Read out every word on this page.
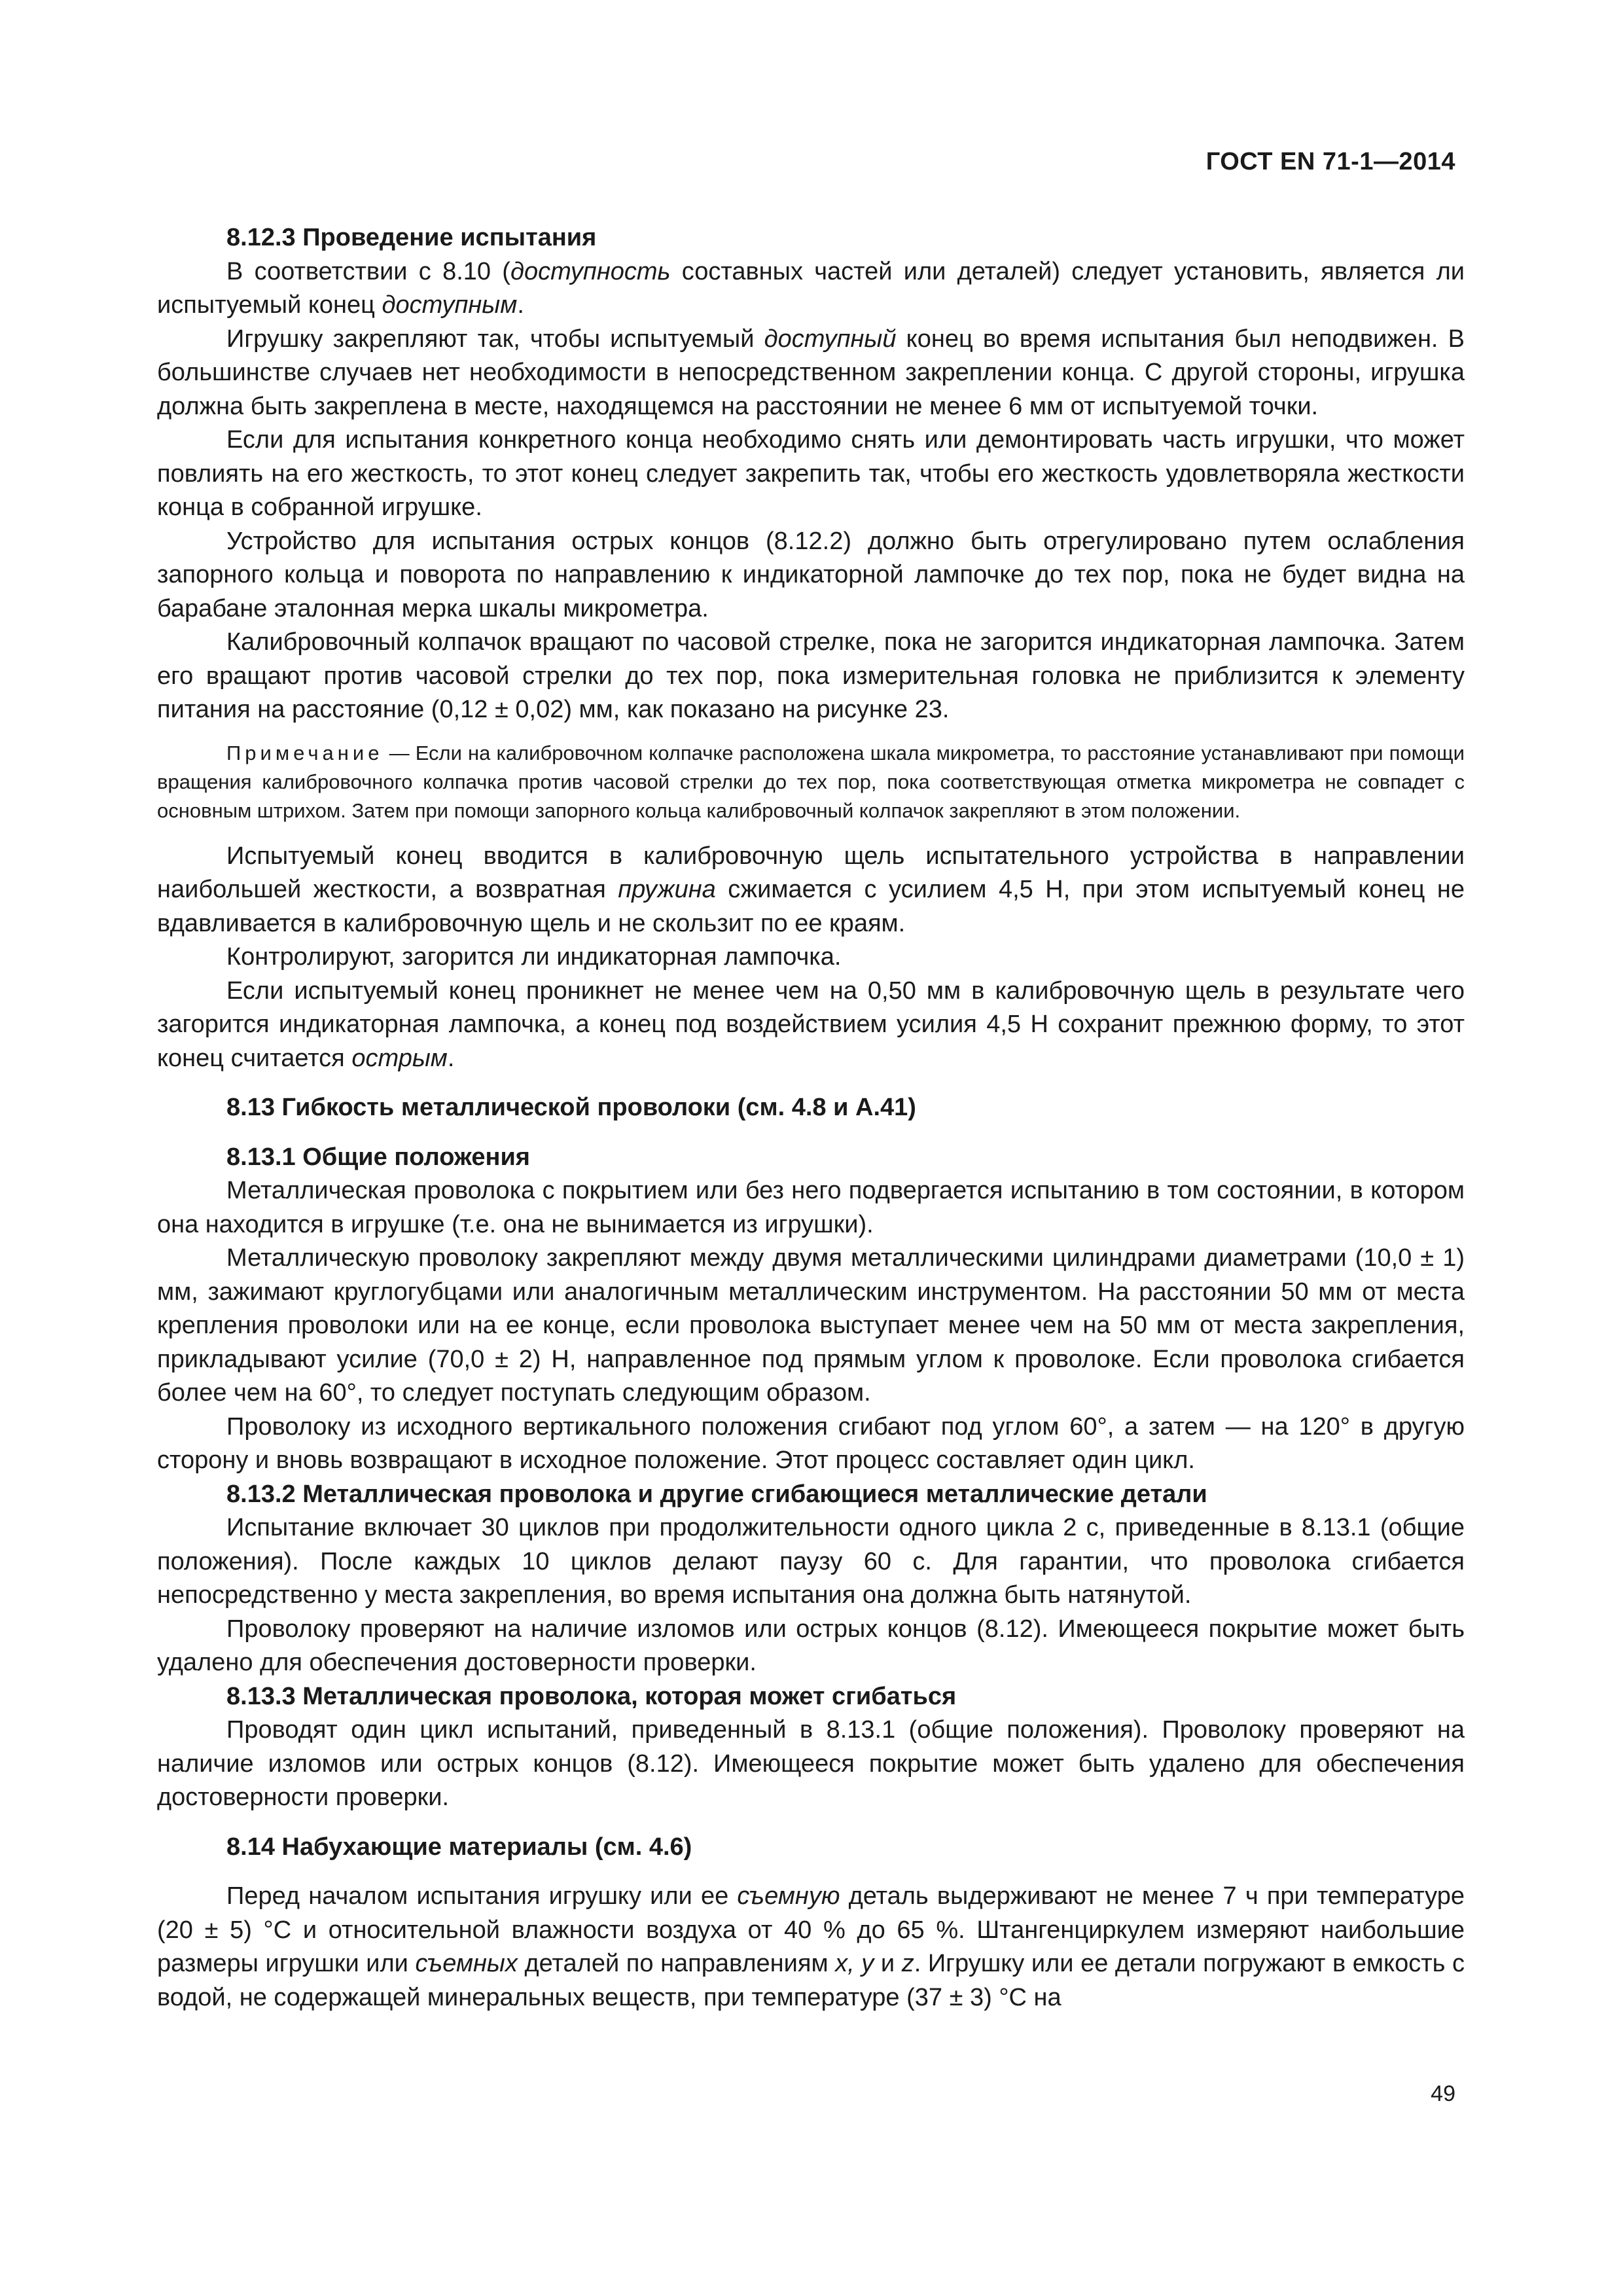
ГОСТ EN 71-1—2014
8.12.3 Проведение испытания

В соответствии с 8.10 (доступность составных частей или деталей) следует установить, является ли испытуемый конец доступным.

Игрушку закрепляют так, чтобы испытуемый доступный конец во время испытания был неподвижен. В большинстве случаев нет необходимости в непосредственном закреплении конца. С другой стороны, игрушка должна быть закреплена в месте, находящемся на расстоянии не менее 6 мм от испытуемой точки.

Если для испытания конкретного конца необходимо снять или демонтировать часть игрушки, что может повлиять на его жесткость, то этот конец следует закрепить так, чтобы его жесткость удовлетворяла жесткости конца в собранной игрушке.

Устройство для испытания острых концов (8.12.2) должно быть отрегулировано путем ослабления запорного кольца и поворота по направлению к индикаторной лампочке до тех пор, пока не будет видна на барабане эталонная мерка шкалы микрометра.

Калибровочный колпачок вращают по часовой стрелке, пока не загорится индикаторная лампочка. Затем его вращают против часовой стрелки до тех пор, пока измерительная головка не приблизится к элементу питания на расстояние (0,12 ± 0,02) мм, как показано на рисунке 23.

Примечание — Если на калибровочном колпачке расположена шкала микрометра, то расстояние устанавливают при помощи вращения калибровочного колпачка против часовой стрелки до тех пор, пока соответствующая отметка микрометра не совпадет с основным штрихом. Затем при помощи запорного кольца калибровочный колпачок закрепляют в этом положении.

Испытуемый конец вводится в калибровочную щель испытательного устройства в направлении наибольшей жесткости, а возвратная пружина сжимается с усилием 4,5 Н, при этом испытуемый конец не вдавливается в калибровочную щель и не скользит по ее краям.

Контролируют, загорится ли индикаторная лампочка.

Если испытуемый конец проникнет не менее чем на 0,50 мм в калибровочную щель в результате чего загорится индикаторная лампочка, а конец под воздействием усилия 4,5 Н сохранит прежнюю форму, то этот конец считается острым.

8.13 Гибкость металлической проволоки (см. 4.8 и А.41)
8.13.1 Общие положения

Металлическая проволока с покрытием или без него подвергается испытанию в том состоянии, в котором она находится в игрушке (т.е. она не вынимается из игрушки).

Металлическую проволоку закрепляют между двумя металлическими цилиндрами диаметрами (10,0 ± 1) мм, зажимают круглогубцами или аналогичным металлическим инструментом. На расстоянии 50 мм от места крепления проволоки или на ее конце, если проволока выступает менее чем на 50 мм от места закрепления, прикладывают усилие (70,0 ± 2) Н, направленное под прямым углом к проволоке. Если проволока сгибается более чем на 60°, то следует поступать следующим образом.

Проволоку из исходного вертикального положения сгибают под углом 60°, а затем — на 120° в другую сторону и вновь возвращают в исходное положение. Этот процесс составляет один цикл.

8.13.2 Металлическая проволока и другие сгибающиеся металлические детали

Испытание включает 30 циклов при продолжительности одного цикла 2 с, приведенные в 8.13.1 (общие положения). После каждых 10 циклов делают паузу 60 с. Для гарантии, что проволока сгибается непосредственно у места закрепления, во время испытания она должна быть натянутой.

Проволоку проверяют на наличие изломов или острых концов (8.12). Имеющееся покрытие может быть удалено для обеспечения достоверности проверки.

8.13.3 Металлическая проволока, которая может сгибаться

Проводят один цикл испытаний, приведенный в 8.13.1 (общие положения). Проволоку проверяют на наличие изломов или острых концов (8.12). Имеющееся покрытие может быть удалено для обеспечения достоверности проверки.

8.14 Набухающие материалы (см. 4.6)

Перед началом испытания игрушку или ее съемную деталь выдерживают не менее 7 ч при температуре (20 ± 5) °С и относительной влажности воздуха от 40 % до 65 %. Штангенциркулем измеряют наибольшие размеры игрушки или съемных деталей по направлениям x, y и z. Игрушку или ее детали погружают в емкость с водой, не содержащей минеральных веществ, при температуре (37 ± 3) °С на

49
